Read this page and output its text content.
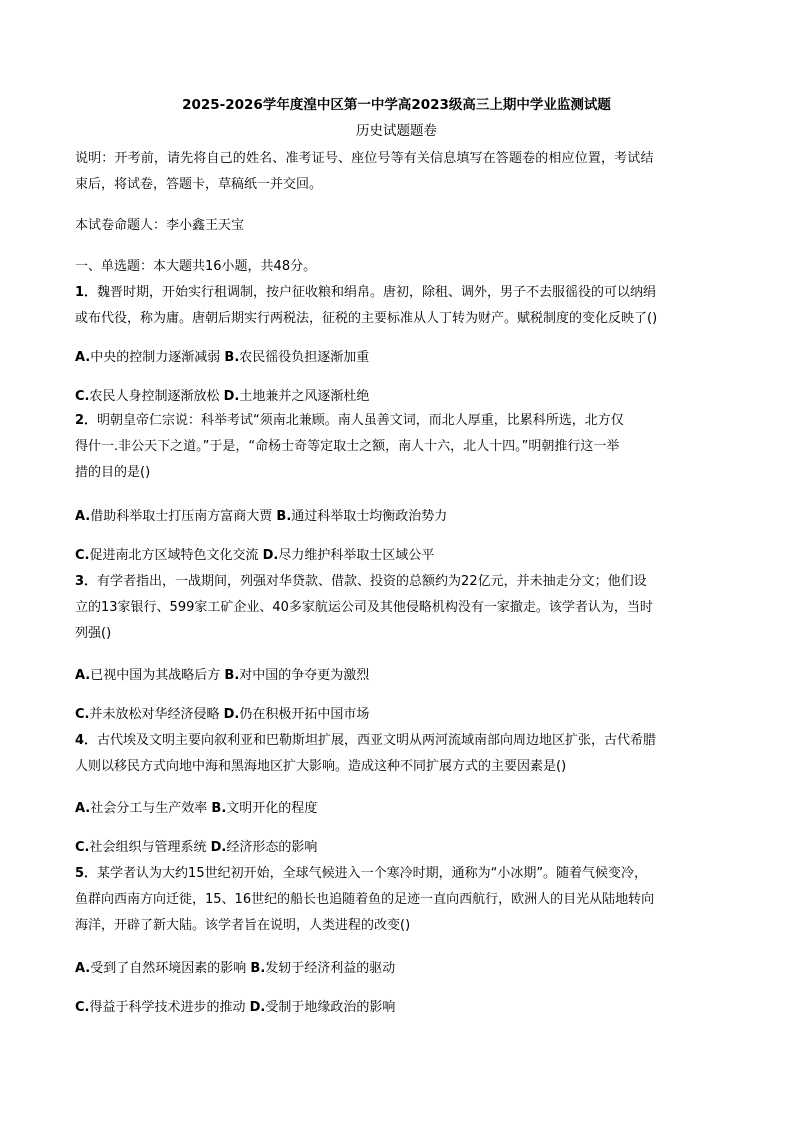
2025-2026学年度湟中区第一中学高2023级高三上期中学业监测试题
历史试题题卷
说明：开考前，请先将自己的姓名、准考证号、座位号等有关信息填写在答题卷的相应位置，考试结
束后，将试卷，答题卡，草稿纸一并交回。
本试卷命题人：李小鑫王天宝
一、单选题：本大题共16小题，共48分。
1．魏晋时期，开始实行租调制，按户征收粮和绢帛。唐初，除租、调外，男子不去服徭役的可以纳绢
或布代役，称为庸。唐朝后期实行两税法，征税的主要标准从人丁转为财产。赋税制度的变化反映了()
A.中央的控制力逐渐减弱 B.农民徭役负担逐渐加重
C.农民人身控制逐渐放松 D.土地兼并之风逐渐杜绝
2．明朝皇帝仁宗说：科举考试“须南北兼顾。南人虽善文词，而北人厚重，比累科所选，北方仅
得什一.非公天下之道。”于是，“命杨士奇等定取士之额，南人十六，北人十四。”明朝推行这一举
措的目的是()
A.借助科举取士打压南方富商大贾 B.通过科举取士均衡政治势力
C.促进南北方区域特色文化交流 D.尽力维护科举取士区域公平
3．有学者指出，一战期间，列强对华贷款、借款、投资的总额约为22亿元，并未抽走分文；他们设
立的13家银行、599家工矿企业、40多家航运公司及其他侵略机构没有一家撤走。该学者认为，当时
列强()
A.已视中国为其战略后方 B.对中国的争夺更为激烈
C.并未放松对华经济侵略 D.仍在积极开拓中国市场
4．古代埃及文明主要向叙利亚和巴勒斯坦扩展，西亚文明从两河流域南部向周边地区扩张，古代希腊
人则以移民方式向地中海和黑海地区扩大影响。造成这种不同扩展方式的主要因素是()
A.社会分工与生产效率 B.文明开化的程度
C.社会组织与管理系统 D.经济形态的影响
5．某学者认为大约15世纪初开始，全球气候进入一个寒冷时期，通称为“小冰期”。随着气候变冷，
鱼群向西南方向迁徙，15、16世纪的船长也追随着鱼的足迹一直向西航行，欧洲人的目光从陆地转向
海洋，开辟了新大陆。该学者旨在说明，人类进程的改变()
A.受到了自然环境因素的影响 B.发轫于经济利益的驱动
C.得益于科学技术进步的推动 D.受制于地缘政治的影响
